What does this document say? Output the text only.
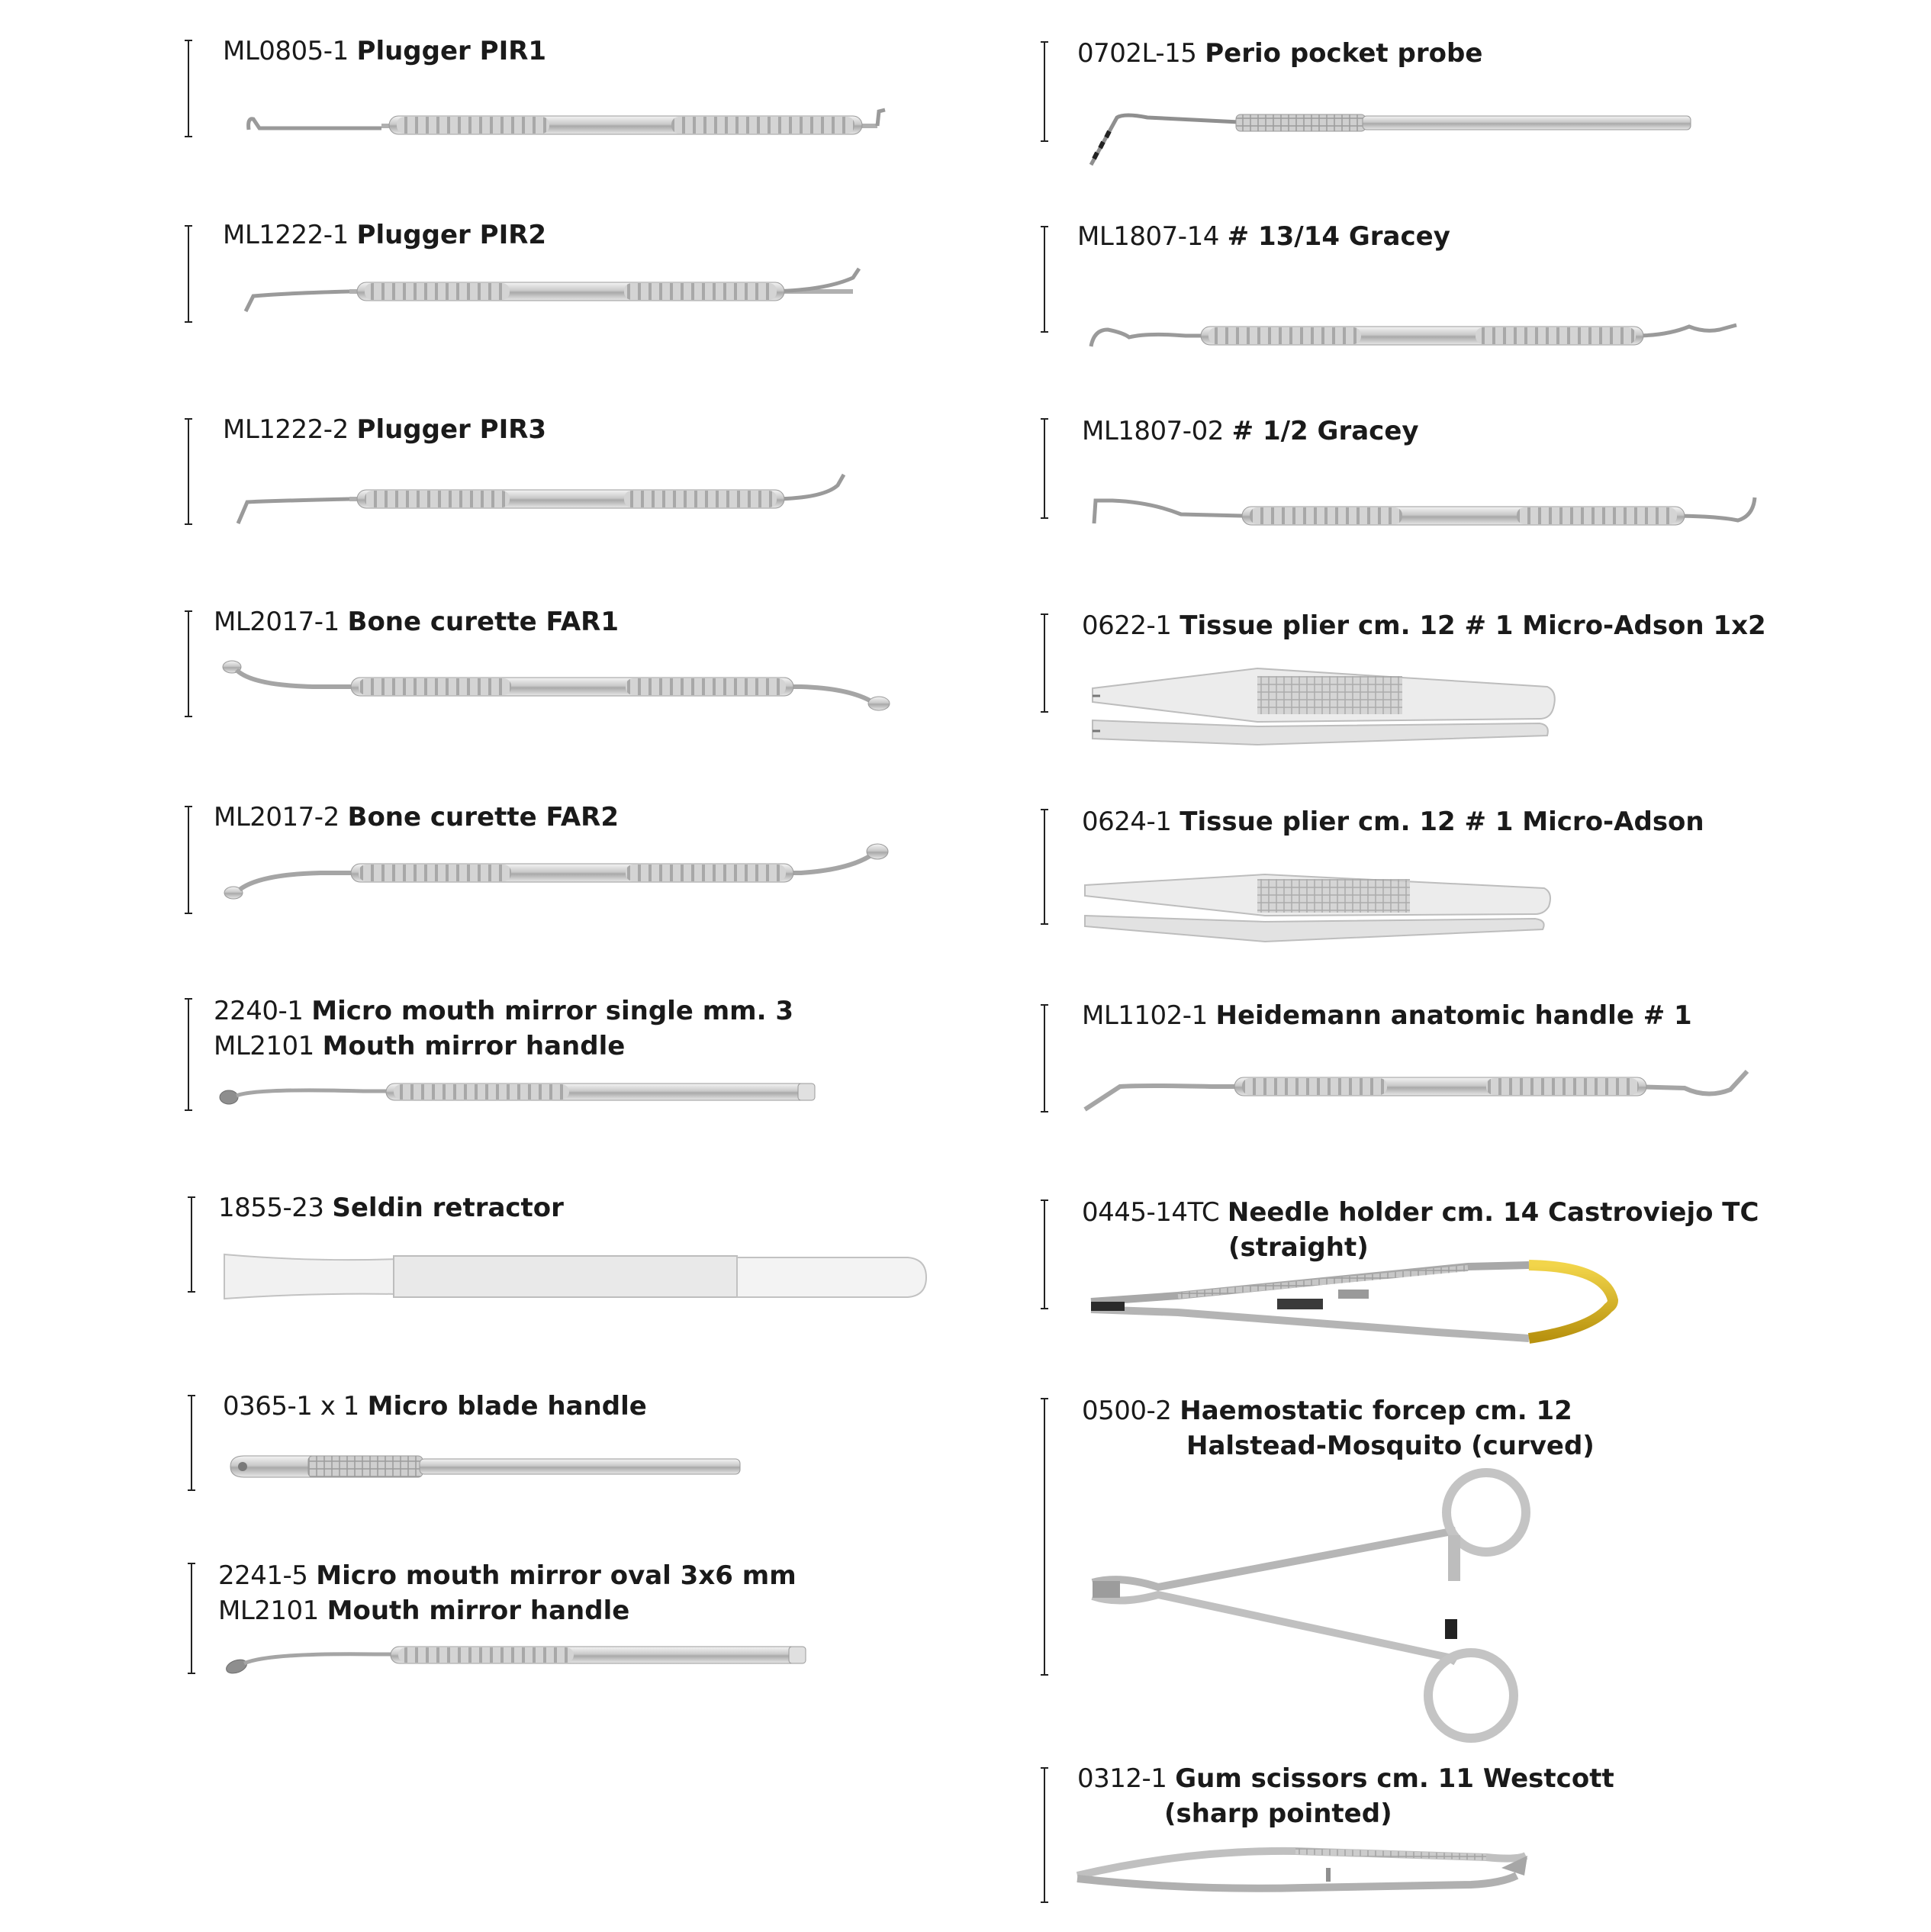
ML0805-1 Plugger PIR1
ML1222-1 Plugger PIR2
ML1222-2 Plugger PIR3
ML2017-1 Bone curette FAR1
ML2017-2 Bone curette FAR2
2240-1 Micro mouth mirror single mm. 3
ML2101 Mouth mirror handle
1855-23 Seldin retractor
0365-1 x 1 Micro blade handle
2241-5 Micro mouth mirror oval 3x6 mm
ML2101 Mouth mirror handle
0702L-15 Perio pocket probe
ML1807-14 # 13/14 Gracey
ML1807-02 # 1/2 Gracey
0622-1 Tissue plier cm. 12 # 1 Micro-Adson 1x2
0624-1 Tissue plier cm. 12 # 1 Micro-Adson
ML1102-1 Heidemann anatomic handle # 1
0445-14TC Needle holder cm. 14 Castroviejo TC
(straight)
0500-2 Haemostatic forcep cm. 12
Halstead-Mosquito (curved)
0312-1 Gum scissors cm. 11 Westcott
(sharp pointed)
